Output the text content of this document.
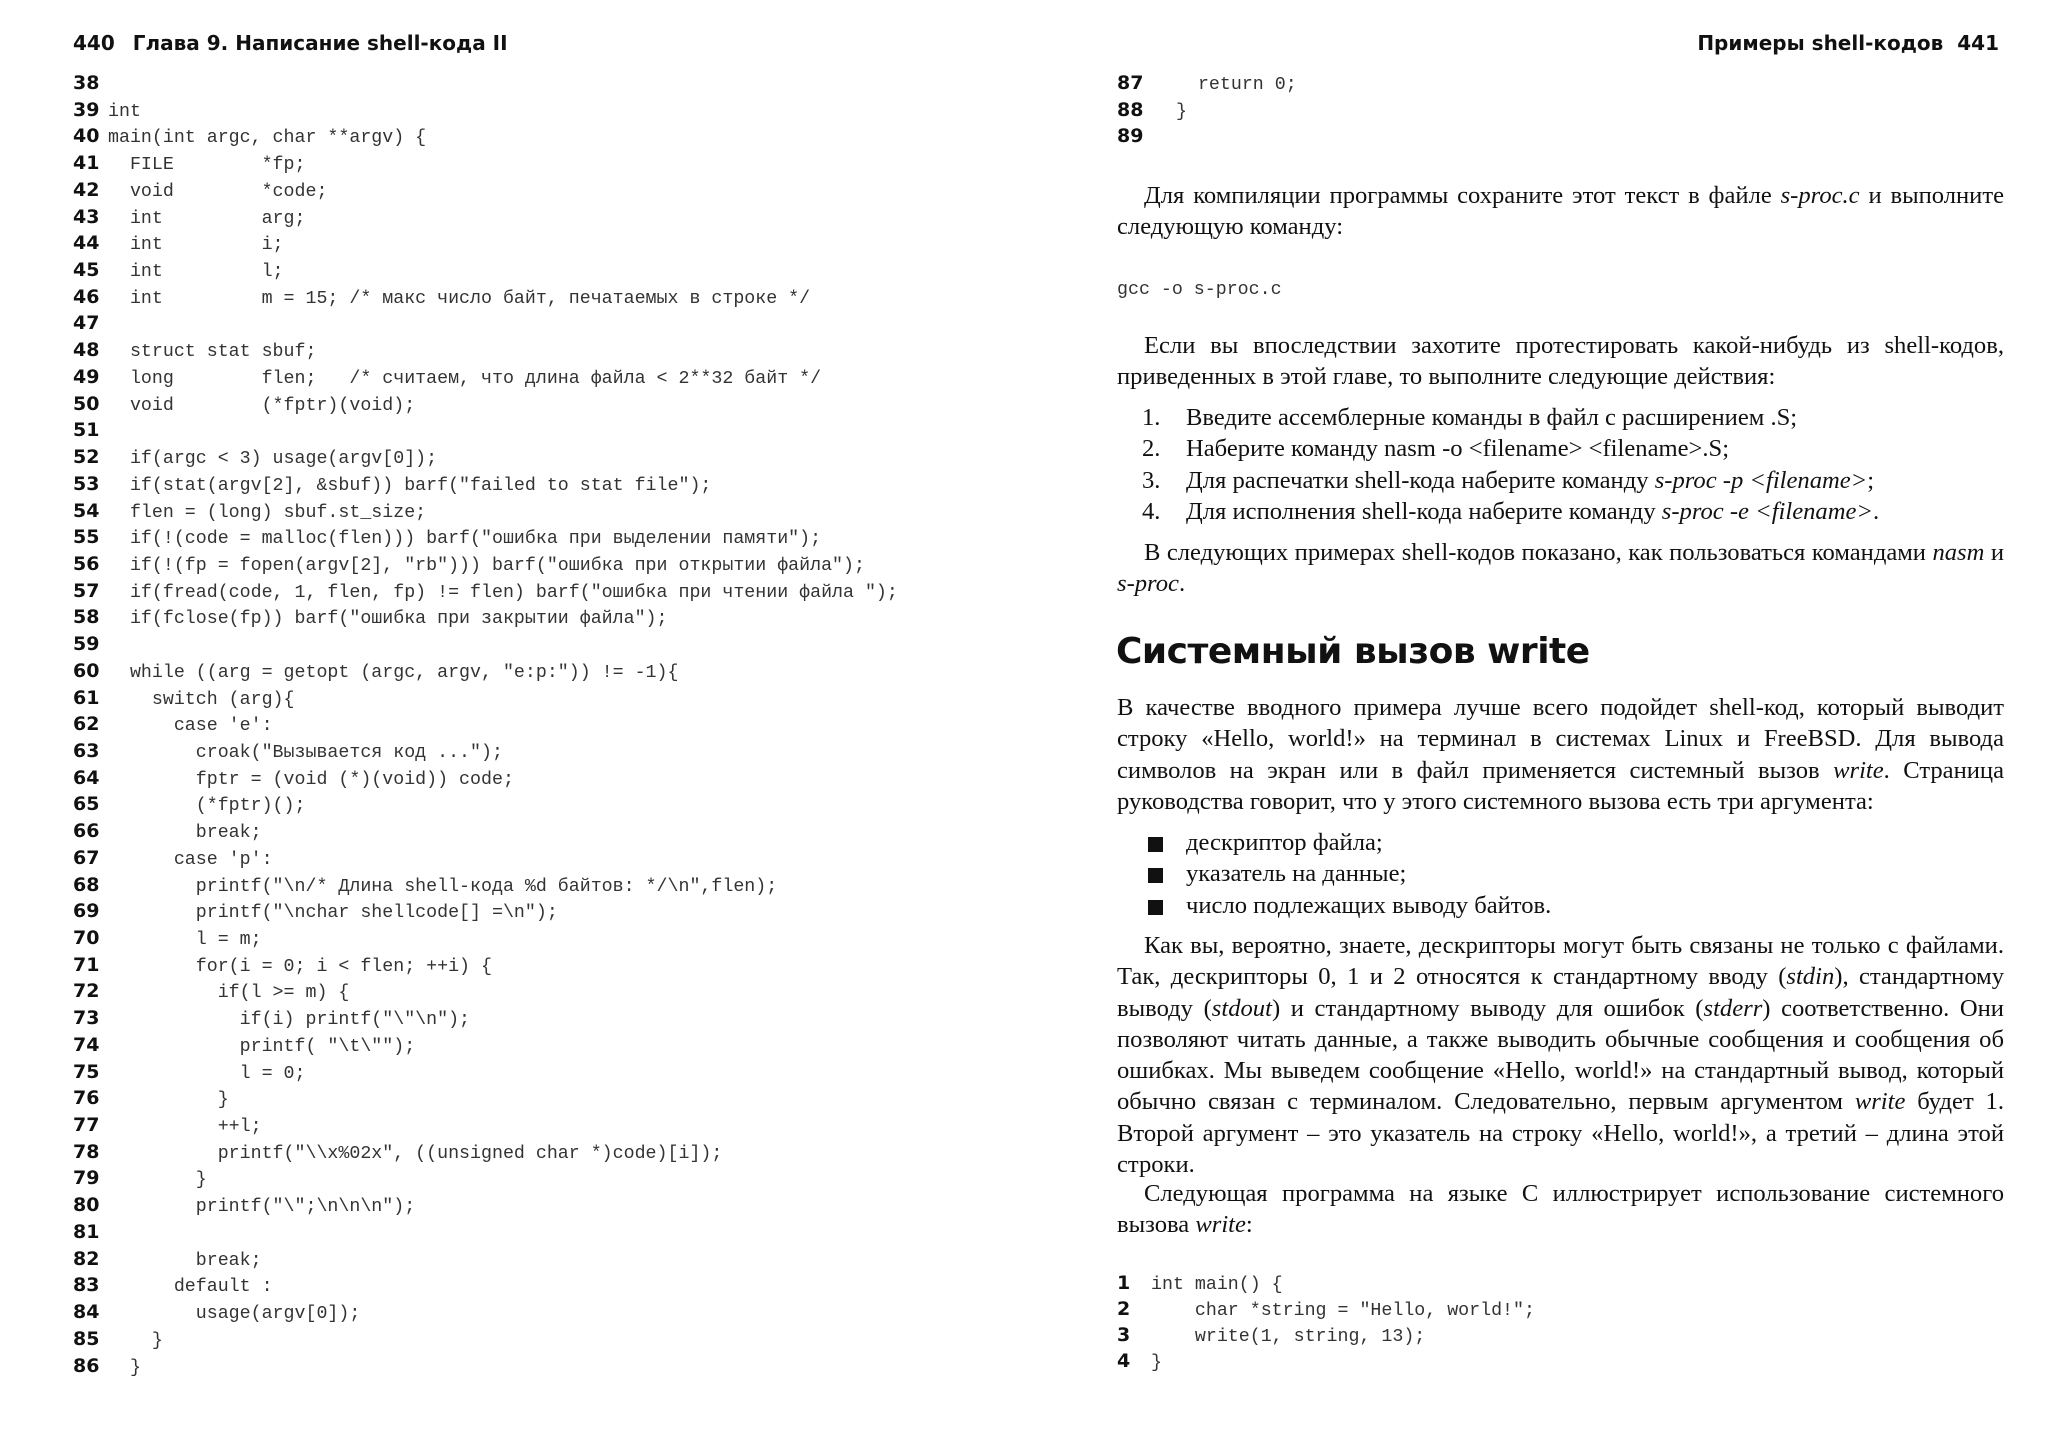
440 Глава 9. Написание shell-кода II
38
39 int
40 main(int argc, char **argv) {
41  FILE        *fp;
42  void        *code;
43  int         arg;
44  int         i;
45  int         l;
46  int         m = 15; /* макс число байт, печатаемых в строке */
47
48  struct stat sbuf;
49  long        flen;   /* считаем, что длина файла < 2**32 байт */
50  void        (*fptr)(void);
51
52  if(argc < 3) usage(argv[0]);
53  if(stat(argv[2], &sbuf)) barf("failed to stat file");
54  flen = (long) sbuf.st_size;
55  if(!(code = malloc(flen))) barf("ошибка при выделении памяти");
56  if(!(fp = fopen(argv[2], "rb"))) barf("ошибка при открытии файла");
57  if(fread(code, 1, flen, fp) != flen) barf("ошибка при чтении файла ");
58  if(fclose(fp)) barf("ошибка при закрытии файла");
59
60  while ((arg = getopt (argc, argv, "e:p:")) != -1){
61    switch (arg){
62      case 'e':
63        croak("Вызывается код ...");
64        fptr = (void (*)(void)) code;
65        (*fptr)();
66        break;
67      case 'p':
68        printf("\n/* Длина shell-кода %d байтов: */\n",flen);
69        printf("\nchar shellcode[] =\n");
70        l = m;
71        for(i = 0; i < flen; ++i) {
72          if(l >= m) {
73            if(i) printf("\"\n");
74            printf( "\t\"");
75            l = 0;
76          }
77          ++l;
78          printf("\\x%02x", ((unsigned char *)code)[i]);
79        }
80        printf("\";\n\n\n");
81
82        break;
83      default :
84        usage(argv[0]);
85    }
86  }
Примеры shell-кодов 441
87  return 0;
88 }
89

Для компиляции программы сохраните этот текст в файле s-proc.c и выполните следующую команду:

gcc -o s-proc.c

Если вы впоследствии захотите протестировать какой-нибудь из shell-кодов, приведенных в этой главе, то выполните следующие действия:

1. Введите ассемблерные команды в файл с расширением .S;
2. Наберите команду nasm -o <filename> <filename>.S;
3. Для распечатки shell-кода наберите команду s-proc -p <filename>;
4. Для исполнения shell-кода наберите команду s-proc -e <filename>.

В следующих примерах shell-кодов показано, как пользоваться командами nasm и s-proc.

Системный вызов write

В качестве вводного примера лучше всего подойдет shell-код, который выводит строку «Hello, world!» на терминал в системах Linux и FreeBSD. Для вывода символов на экран или в файл применяется системный вызов write. Страница руководства говорит, что у этого системного вызова есть три аргумента:

дескриптор файла;
указатель на данные;
число подлежащих выводу байтов.

Как вы, вероятно, знаете, дескрипторы могут быть связаны не только с файлами. Так, дескрипторы 0, 1 и 2 относятся к стандартному вводу (stdin), стандартному выводу (stdout) и стандартному выводу для ошибок (stderr) соответственно. Они позволяют читать данные, а также выводить обычные сообщения и сообщения об ошибках. Мы выведем сообщение «Hello, world!» на стандартный вывод, который обычно связан с терминалом. Следовательно, первым аргументом write будет 1. Второй аргумент – это указатель на строку «Hello, world!», а третий – длина этой строки.

Следующая программа на языке C иллюстрирует использование системного вызова write:

1 int main() {
2    char *string = "Hello, world!";
3    write(1, string, 13);
4 }
